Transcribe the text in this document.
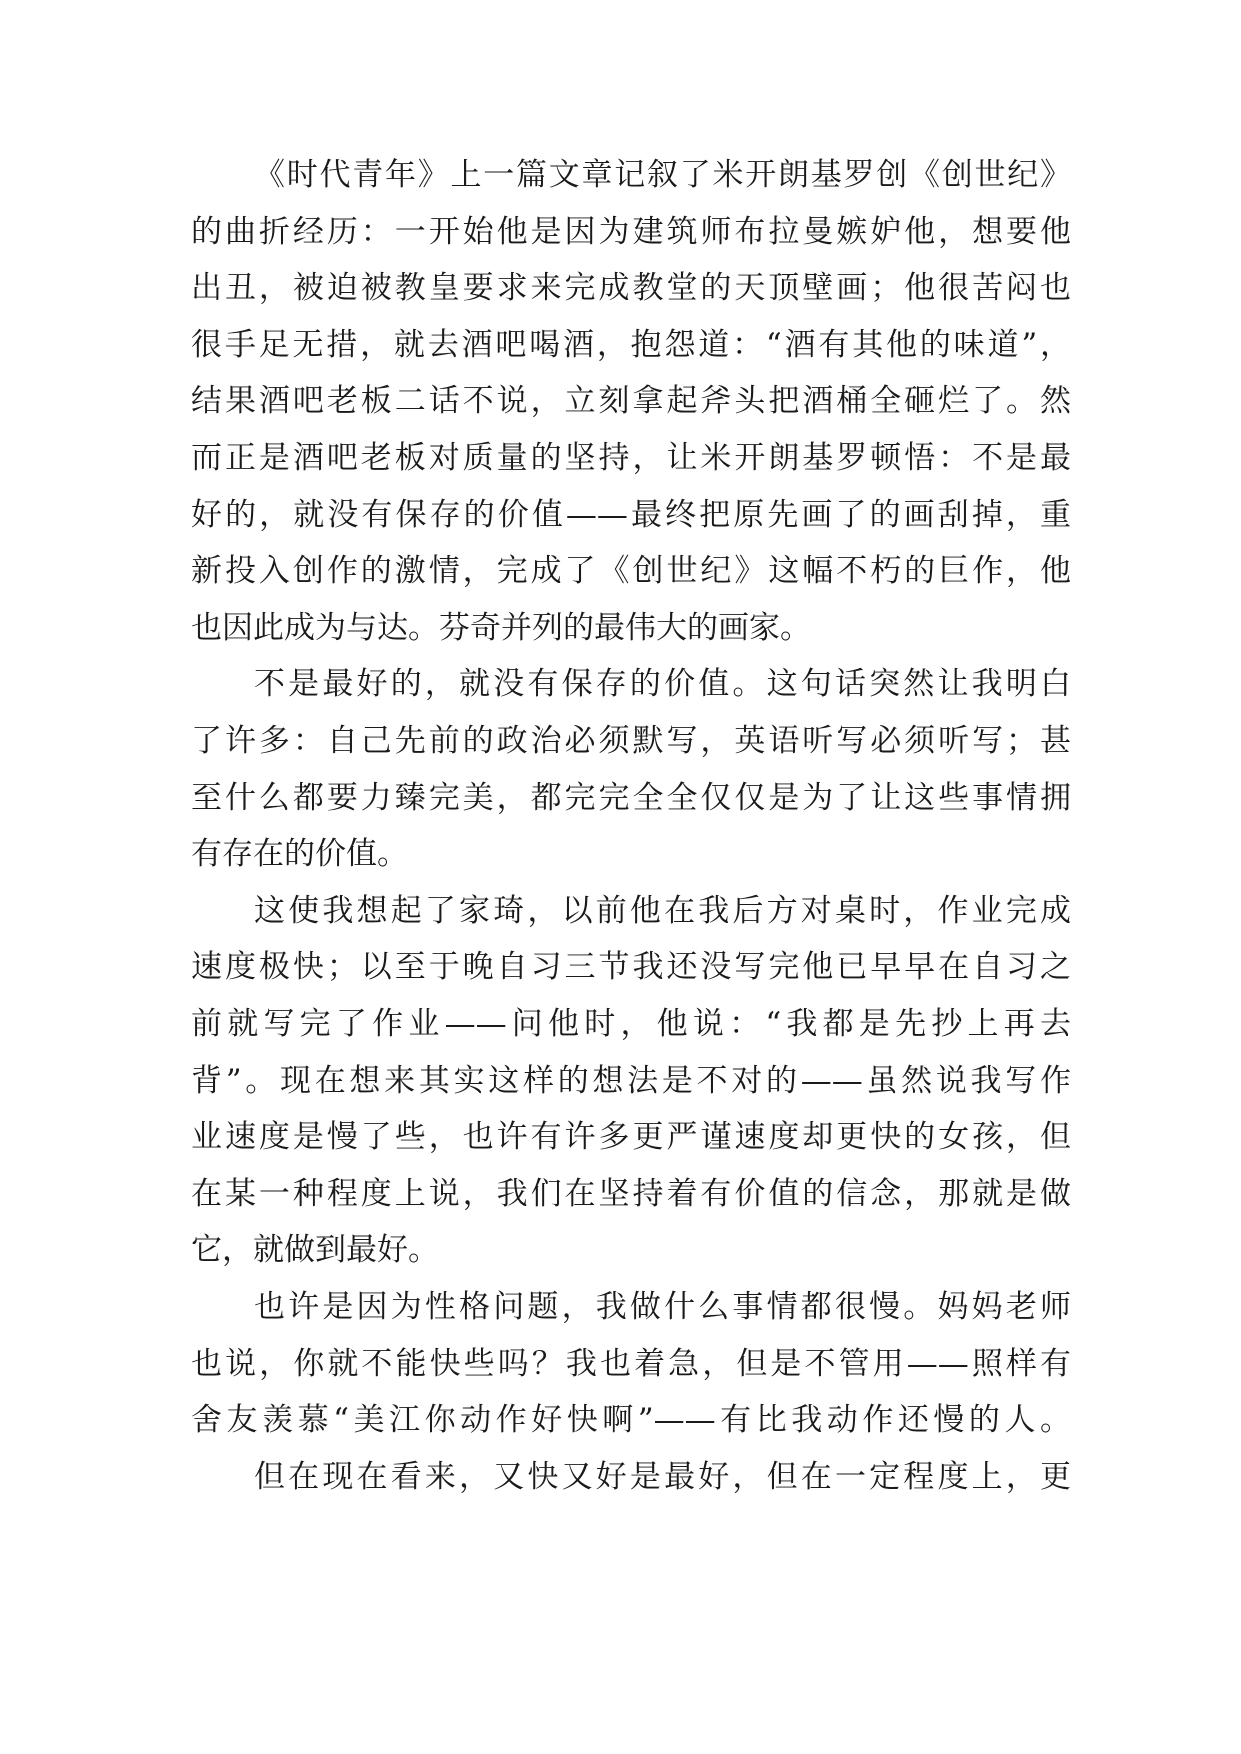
《时代青年》上一篇文章记叙了米开朗基罗创《创世纪》
的曲折经历：一开始他是因为建筑师布拉曼嫉妒他，想要他
出丑，被迫被教皇要求来完成教堂的天顶壁画；他很苦闷也
很手足无措，就去酒吧喝酒，抱怨道：“酒有其他的味道”，
结果酒吧老板二话不说，立刻拿起斧头把酒桶全砸烂了。然
而正是酒吧老板对质量的坚持，让米开朗基罗顿悟：不是最
好的，就没有保存的价值——最终把原先画了的画刮掉，重
新投入创作的激情，完成了《创世纪》这幅不朽的巨作，他
也因此成为与达。芬奇并列的最伟大的画家。
不是最好的，就没有保存的价值。这句话突然让我明白
了许多：自己先前的政治必须默写，英语听写必须听写；甚
至什么都要力臻完美，都完完全全仅仅是为了让这些事情拥
有存在的价值。
这使我想起了家琦，以前他在我后方对桌时，作业完成
速度极快；以至于晚自习三节我还没写完他已早早在自习之
前就写完了作业——问他时，他说：“我都是先抄上再去
背”。现在想来其实这样的想法是不对的——虽然说我写作
业速度是慢了些，也许有许多更严谨速度却更快的女孩，但
在某一种程度上说，我们在坚持着有价值的信念，那就是做
它，就做到最好。
也许是因为性格问题，我做什么事情都很慢。妈妈老师
也说，你就不能快些吗？我也着急，但是不管用——照样有
舍友羡慕“美江你动作好快啊”——有比我动作还慢的人。
但在现在看来，又快又好是最好，但在一定程度上，更
